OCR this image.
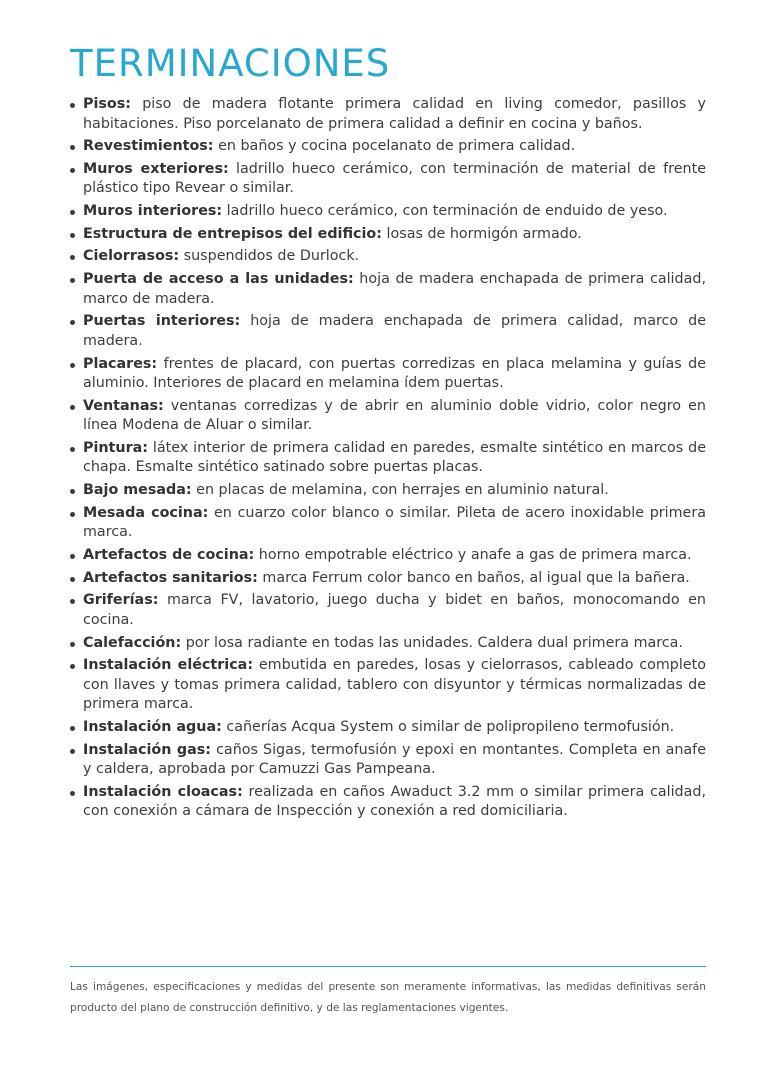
TERMINACIONES
Pisos: piso de madera flotante primera calidad en living comedor, pasillos y habitaciones. Piso porcelanato de primera calidad a definir en cocina y baños.
Revestimientos: en baños y cocina pocelanato de primera calidad.
Muros exteriores: ladrillo hueco cerámico, con terminación de material de frente plástico tipo Revear o similar.
Muros interiores: ladrillo hueco cerámico, con terminación de enduido de yeso.
Estructura de entrepisos del edificio: losas de hormigón armado.
Cielorrasos: suspendidos de Durlock.
Puerta de acceso a las unidades: hoja de madera enchapada de primera calidad, marco de madera.
Puertas interiores: hoja de madera enchapada de primera calidad, marco de madera.
Placares: frentes de placard, con puertas corredizas en placa melamina y guías de aluminio. Interiores de placard en melamina ídem puertas.
Ventanas: ventanas corredizas y de abrir en aluminio doble vidrio, color negro en línea Modena de Aluar o similar.
Pintura: látex interior de primera calidad en paredes, esmalte sintético en marcos de chapa. Esmalte sintético satinado sobre puertas placas.
Bajo mesada: en placas de melamina, con herrajes en aluminio natural.
Mesada cocina: en cuarzo color blanco o similar. Pileta de acero inoxidable primera marca.
Artefactos de cocina: horno empotrable eléctrico y anafe a gas de primera marca.
Artefactos sanitarios: marca Ferrum color banco en baños, al igual que la bañera.
Griferías: marca FV, lavatorio, juego ducha y bidet en baños, monocomando en cocina.
Calefacción: por losa radiante en todas las unidades. Caldera dual primera marca.
Instalación eléctrica: embutida en paredes, losas y cielorrasos, cableado completo con llaves y tomas primera calidad, tablero con disyuntor y térmicas normalizadas de primera marca.
Instalación agua: cañerías Acqua System o similar de polipropileno termofusión.
Instalación gas: caños Sigas, termofusión y epoxi en montantes. Completa en anafe y caldera, aprobada por Camuzzi Gas Pampeana.
Instalación cloacas: realizada en caños Awaduct 3.2 mm o similar primera calidad, con conexión a cámara de Inspección y conexión a red domiciliaria.

Las imágenes, especificaciones y medidas del presente son meramente informativas, las medidas definitivas serán producto del plano de construcción definitivo, y de las reglamentaciones vigentes.
